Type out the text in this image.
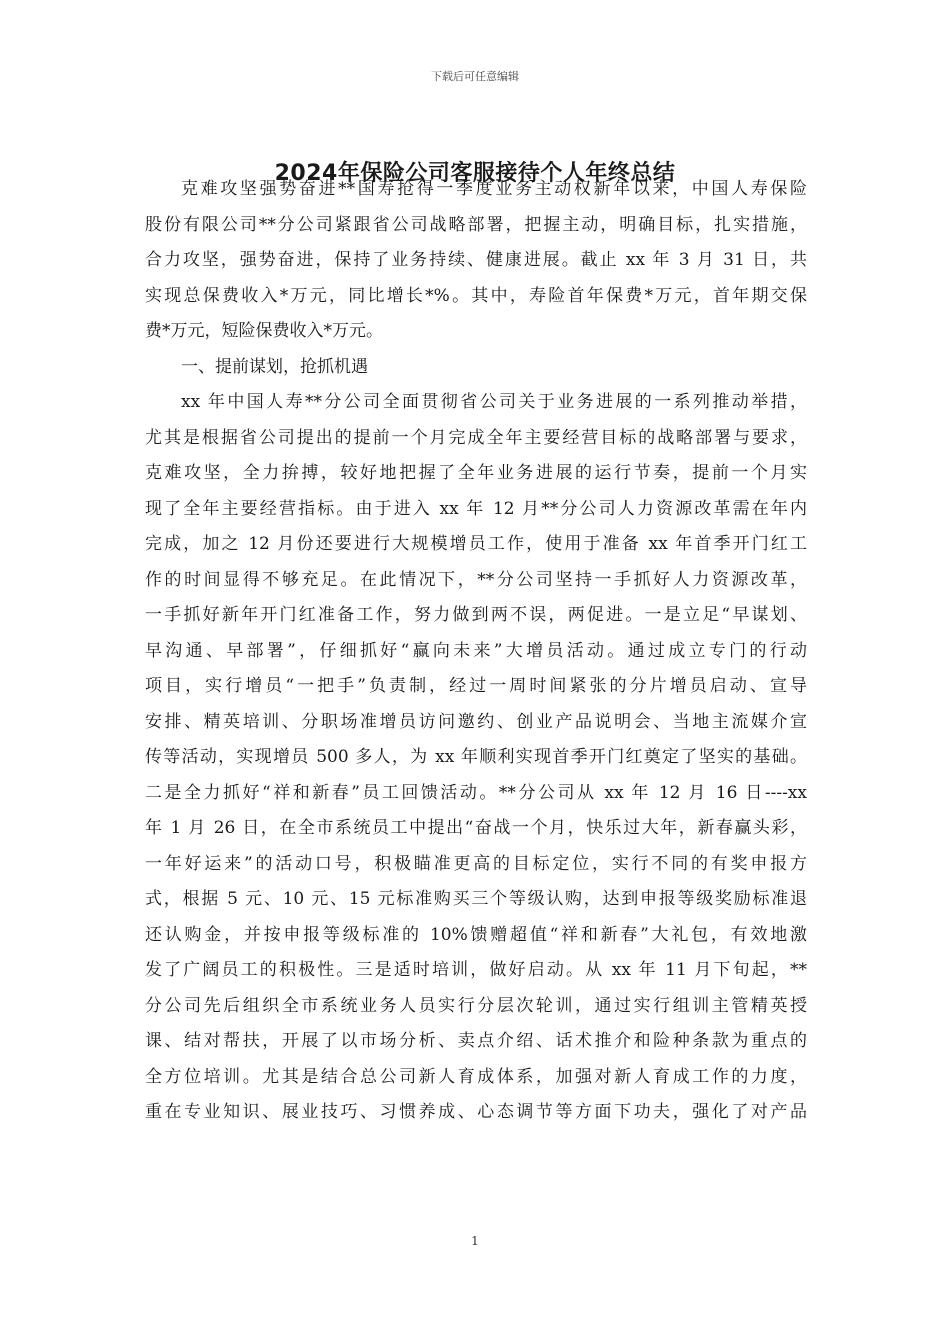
下载后可任意编辑
2024年保险公司客服接待个人年终总结
克难攻坚强势奋进**国寿抢得一季度业务主动权新年以来，中国人寿保险
股份有限公司**分公司紧跟省公司战略部署，把握主动，明确目标，扎实措施，
合力攻坚，强势奋进，保持了业务持续、健康进展。截止 xx 年 3 月 31 日，共
实现总保费收入*万元，同比增长*%。其中，寿险首年保费*万元，首年期交保
费*万元，短险保费收入*万元。
一、提前谋划，抢抓机遇
xx 年中国人寿**分公司全面贯彻省公司关于业务进展的一系列推动举措，
尤其是根据省公司提出的提前一个月完成全年主要经营目标的战略部署与要求，
克难攻坚，全力拚搏，较好地把握了全年业务进展的运行节奏，提前一个月实
现了全年主要经营指标。由于进入 xx 年 12 月**分公司人力资源改革需在年内
完成，加之 12 月份还要进行大规模增员工作，使用于准备 xx 年首季开门红工
作的时间显得不够充足。在此情况下，**分公司坚持一手抓好人力资源改革，
一手抓好新年开门红准备工作，努力做到两不误，两促进。一是立足“早谋划、
早沟通、早部署”，仔细抓好“赢向未来”大增员活动。通过成立专门的行动
项目，实行增员“一把手”负责制，经过一周时间紧张的分片增员启动、宣导
安排、精英培训、分职场准增员访问邀约、创业产品说明会、当地主流媒介宣
传等活动，实现增员 500 多人，为 xx 年顺利实现首季开门红奠定了坚实的基础。
二是全力抓好“祥和新春”员工回馈活动。**分公司从 xx 年 12 月 16 日----xx
年 1 月 26 日，在全市系统员工中提出“奋战一个月，快乐过大年，新春赢头彩，
一年好运来”的活动口号，积极瞄准更高的目标定位，实行不同的有奖申报方
式，根据 5 元、10 元、15 元标准购买三个等级认购，达到申报等级奖励标准退
还认购金，并按申报等级标准的 10%馈赠超值“祥和新春”大礼包，有效地激
发了广阔员工的积极性。三是适时培训，做好启动。从 xx 年 11 月下旬起，**
分公司先后组织全市系统业务人员实行分层次轮训，通过实行组训主管精英授
课、结对帮扶，开展了以市场分析、卖点介绍、话术推介和险种条款为重点的
全方位培训。尤其是结合总公司新人育成体系，加强对新人育成工作的力度，
重在专业知识、展业技巧、习惯养成、心态调节等方面下功夫，强化了对产品
1
